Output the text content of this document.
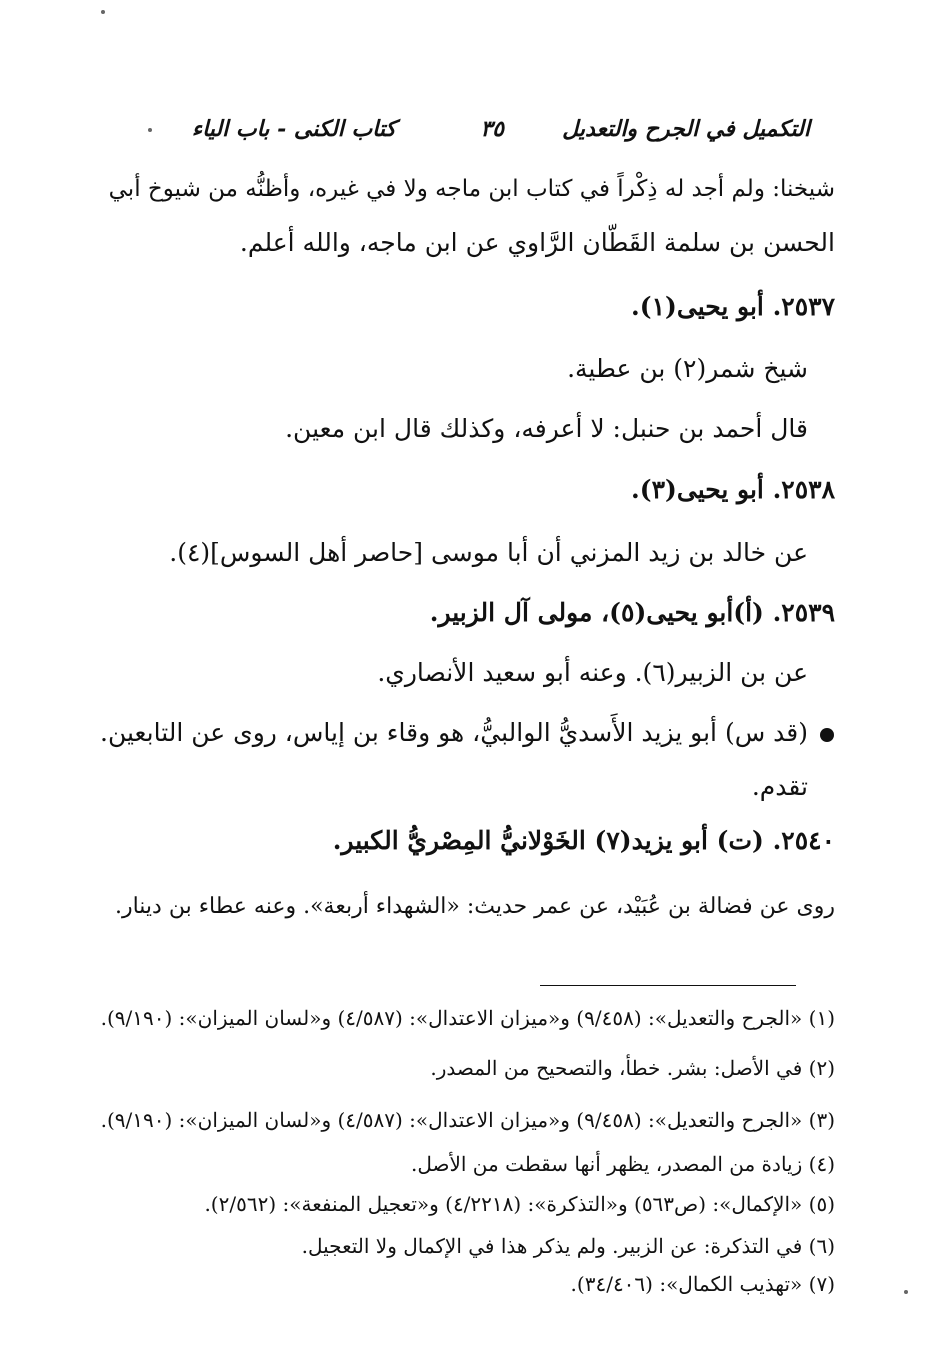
التكميل في الجرح والتعديل
٣٥
كتاب الكنى - باب الياء
شيخنا: ولم أجد له ذِكْراً في كتاب ابن ماجه ولا في غيره، وأظنُّه من شيوخ أبي
الحسن بن سلمة القَطّان الرَّاوي عن ابن ماجه، والله أعلم.
٢٥٣٧. أبو يحيى(١).
شيخ شمر(٢) بن عطية.
قال أحمد بن حنبل: لا أعرفه، وكذلك قال ابن معين.
٢٥٣٨. أبو يحيى(٣).
عن خالد بن زيد المزني أن أبا موسى [حاصر أهل السوس](٤).
٢٥٣٩. (أ)أبو يحيى(٥)، مولى آل الزبير.
عن بن الزبير(٦). وعنه أبو سعيد الأنصاري.
(قد س) أبو يزيد الأَسديُّ الوالبيُّ، هو وقاء بن إياس، روى عن التابعين.
تقدم.
٢٥٤٠. (ت) أبو يزيد(٧) الخَوْلانيُّ المِصْريُّ الكبير.
روى عن فضالة بن عُبَيْد، عن عمر حديث: «الشهداء أربعة». وعنه عطاء بن دينار.
(١) «الجرح والتعديل»: (٩/٤٥٨) و«ميزان الاعتدال»: (٤/٥٨٧) و«لسان الميزان»: (٩/١٩٠).
(٢) في الأصل: بشر. خطأ، والتصحيح من المصدر.
(٣) «الجرح والتعديل»: (٩/٤٥٨) و«ميزان الاعتدال»: (٤/٥٨٧) و«لسان الميزان»: (٩/١٩٠).
(٤) زيادة من المصدر، يظهر أنها سقطت من الأصل.
(٥) «الإكمال»: (ص٥٦٣) و«التذكرة»: (٤/٢٢١٨) و«تعجيل المنفعة»: (٢/٥٦٢).
(٦) في التذكرة: عن الزبير. ولم يذكر هذا في الإكمال ولا التعجيل.
(٧) «تهذيب الكمال»: (٣٤/٤٠٦).
